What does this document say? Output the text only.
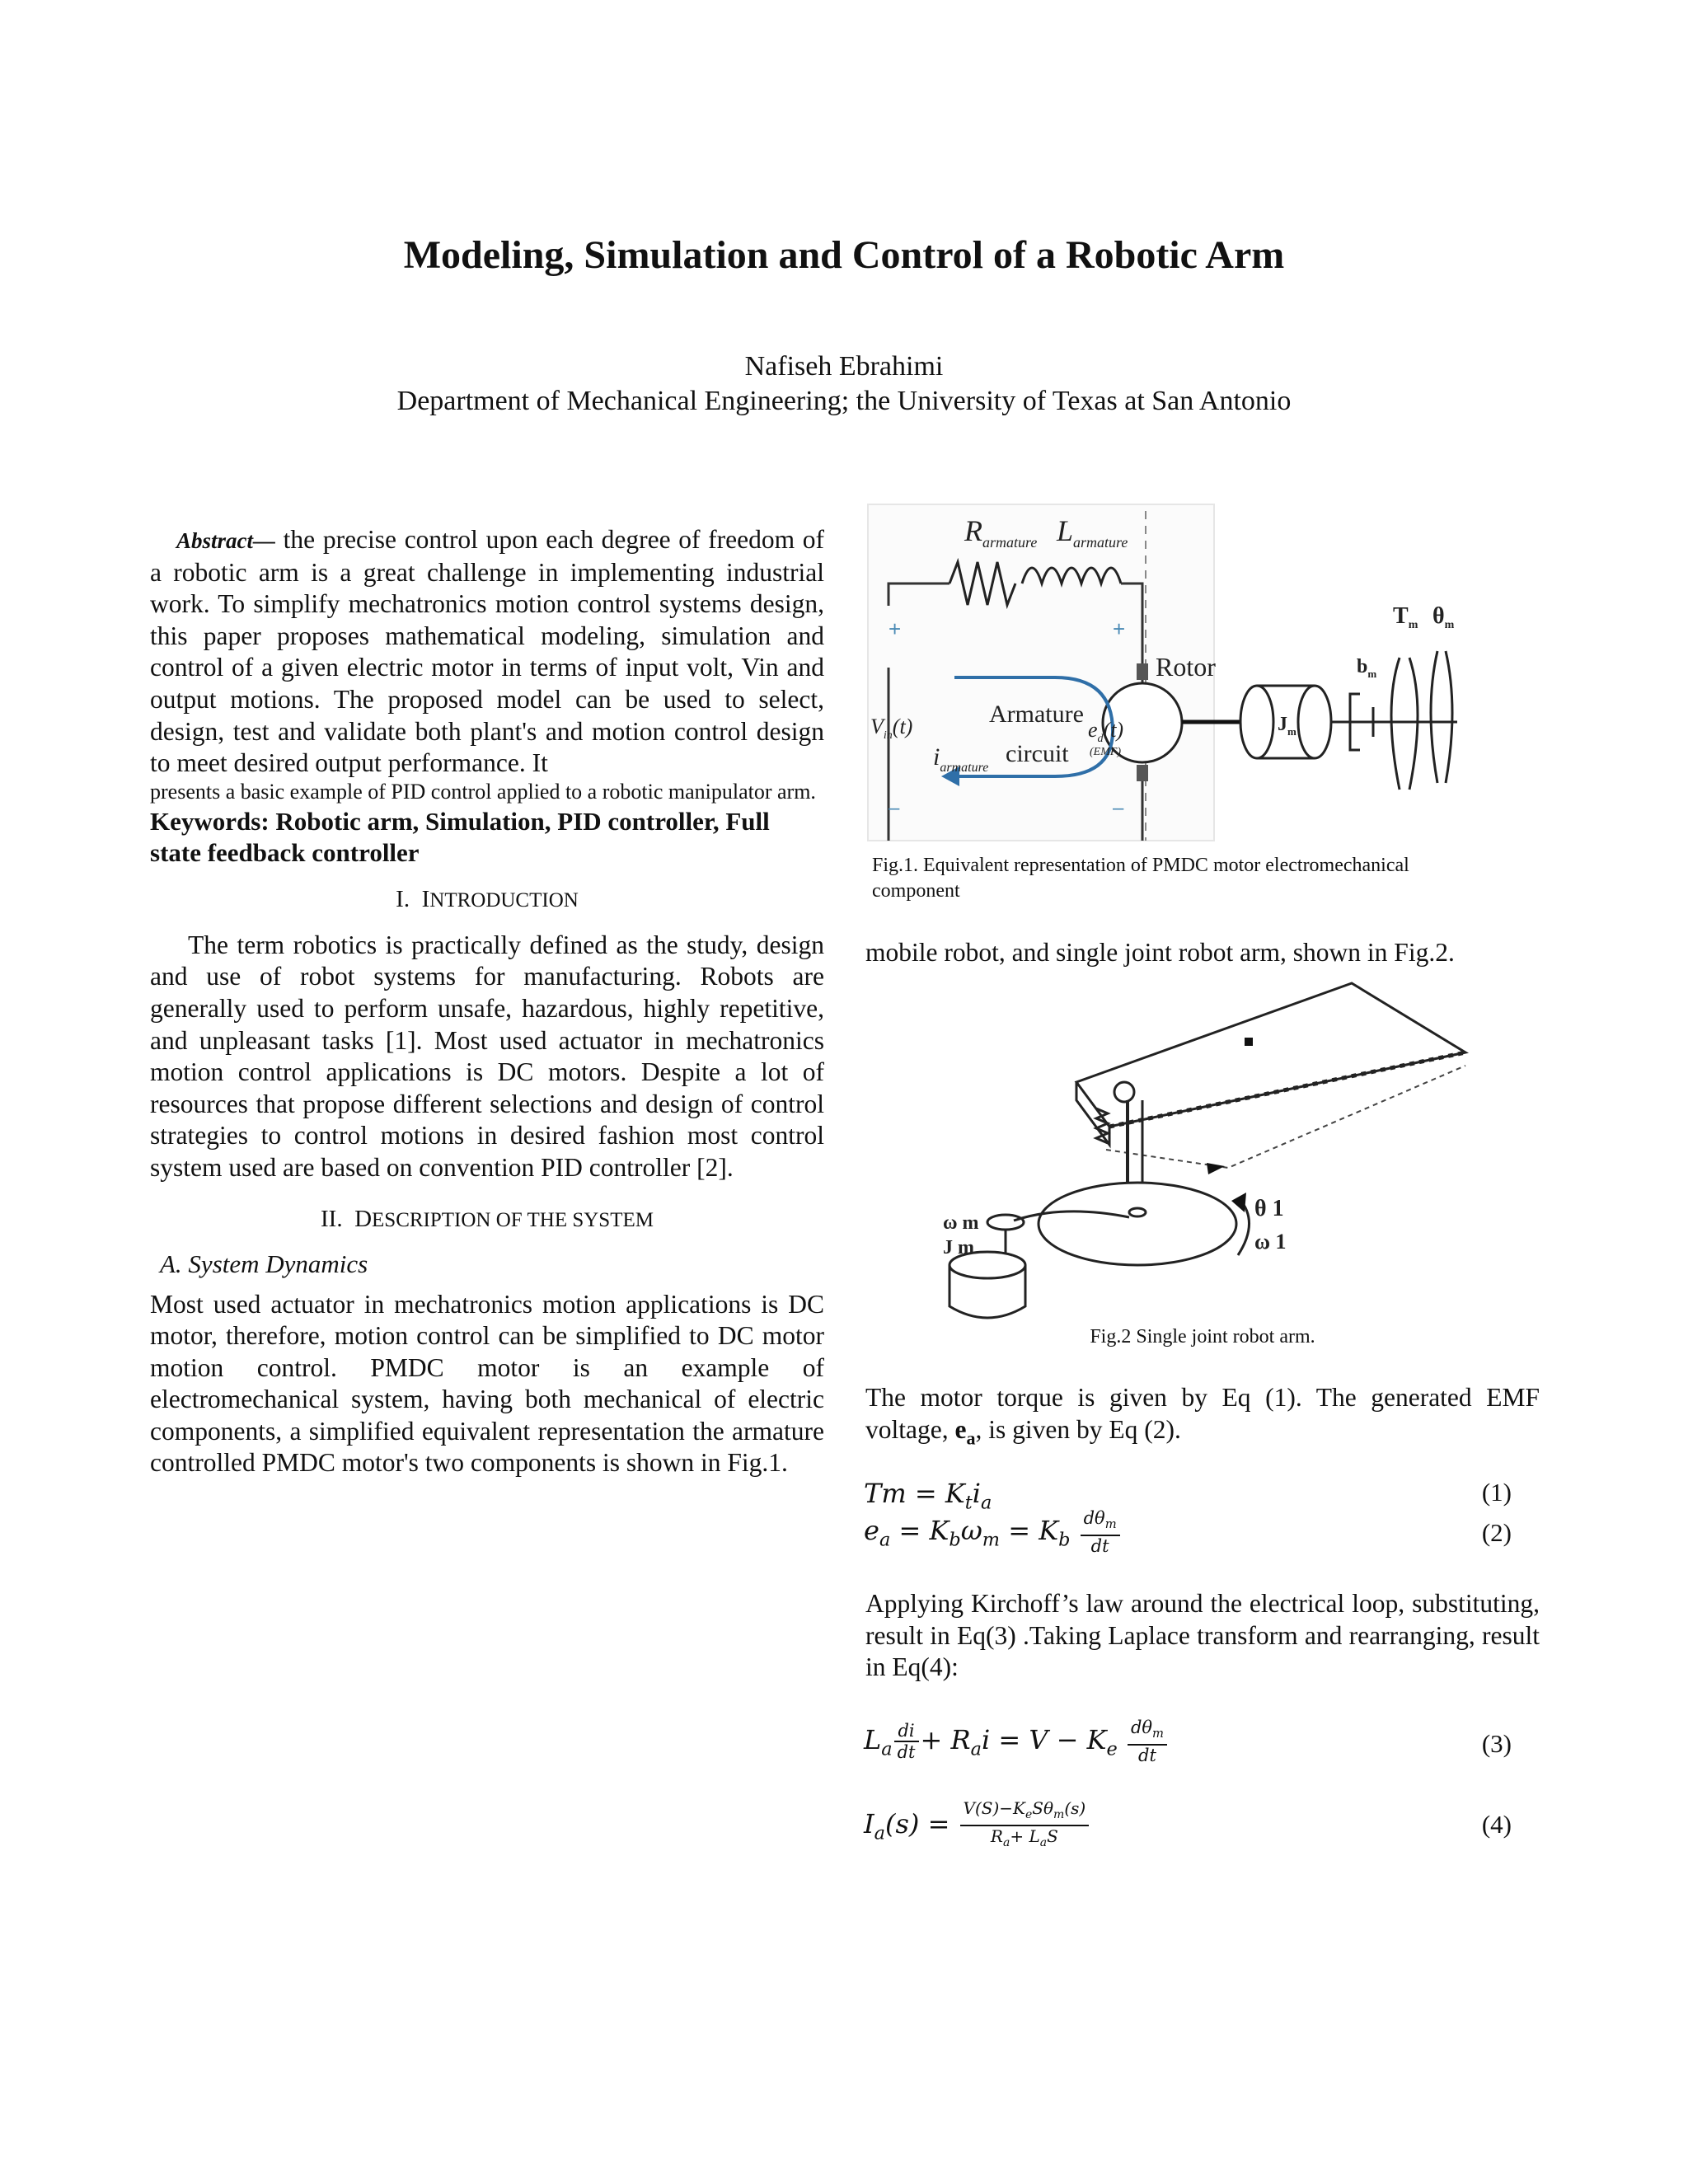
Modeling, Simulation and Control of a Robotic Arm
Nafiseh Ebrahimi
Department of Mechanical Engineering; the University of Texas at San Antonio

Abstract— the precise control upon each degree of freedom of a robotic arm is a great challenge in implementing industrial work. To simplify mechatronics motion control systems design, this paper proposes mathematical modeling, simulation and control of a given electric motor in terms of input volt, Vin and output motions. The proposed model can be used to select, design, test and validate both plant's and motion control design to meet desired output performance. It

presents a basic example of PID control applied to a robotic manipulator arm.

Keywords: Robotic arm, Simulation, PID controller, Full state feedback controller

I. INTRODUCTION

The term robotics is practically defined as the study, design and use of robot systems for manufacturing. Robots are generally used to perform unsafe, hazardous, highly repetitive, and unpleasant tasks [1]. Most used actuator in mechatronics motion control applications is DC motors. Despite a lot of resources that propose different selections and design of control strategies to control motions in desired fashion most control system used are based on convention PID controller [2].

II. DESCRIPTION OF THE SYSTEM

A. System Dynamics

Most used actuator in mechatronics motion applications is DC motor, therefore, motion control can be simplified to DC motor motion control. PMDC motor is an example of electromechanical system, having both mechanical of electric components, a simplified equivalent representation the armature controlled PMDC motor's two components is shown in Fig.1.

$R_{armature}$ $L_{armature}$
Rotor
$V_{in}(t)$	Armature
circuit
$i_{armature}$
$e_d(t)$
(EMF)
$J_m$
$b_m$
$T_m$ $\theta_m$
+	+
–	–
Fig.1. Equivalent representation of PMDC motor electromechanical component

mobile robot, and single joint robot arm, shown in Fig.2.

ω m
J m
θ 1
ω 1
Fig.2 Single joint robot arm.

The motor torque is given by Eq (1). The generated EMF voltage, $e_a$, is given by Eq (2).

$Tm = K_ti_a$	(1)
$e_a = K_b\omega_m = K_b \frac{d\theta_m}{dt}$	(2)

Applying Kirchoff’s law around the electrical loop, substituting, result in Eq(3) .Taking Laplace transform and rearranging, result in Eq(4):

$L_a \frac{di}{dt} + R_ai = V - K_e \frac{d\theta_m}{dt}$	(3)
$I_a(s) = \frac{V(S)-K_eS\theta_m(s)}{R_a+ L_aS}$	(4)
